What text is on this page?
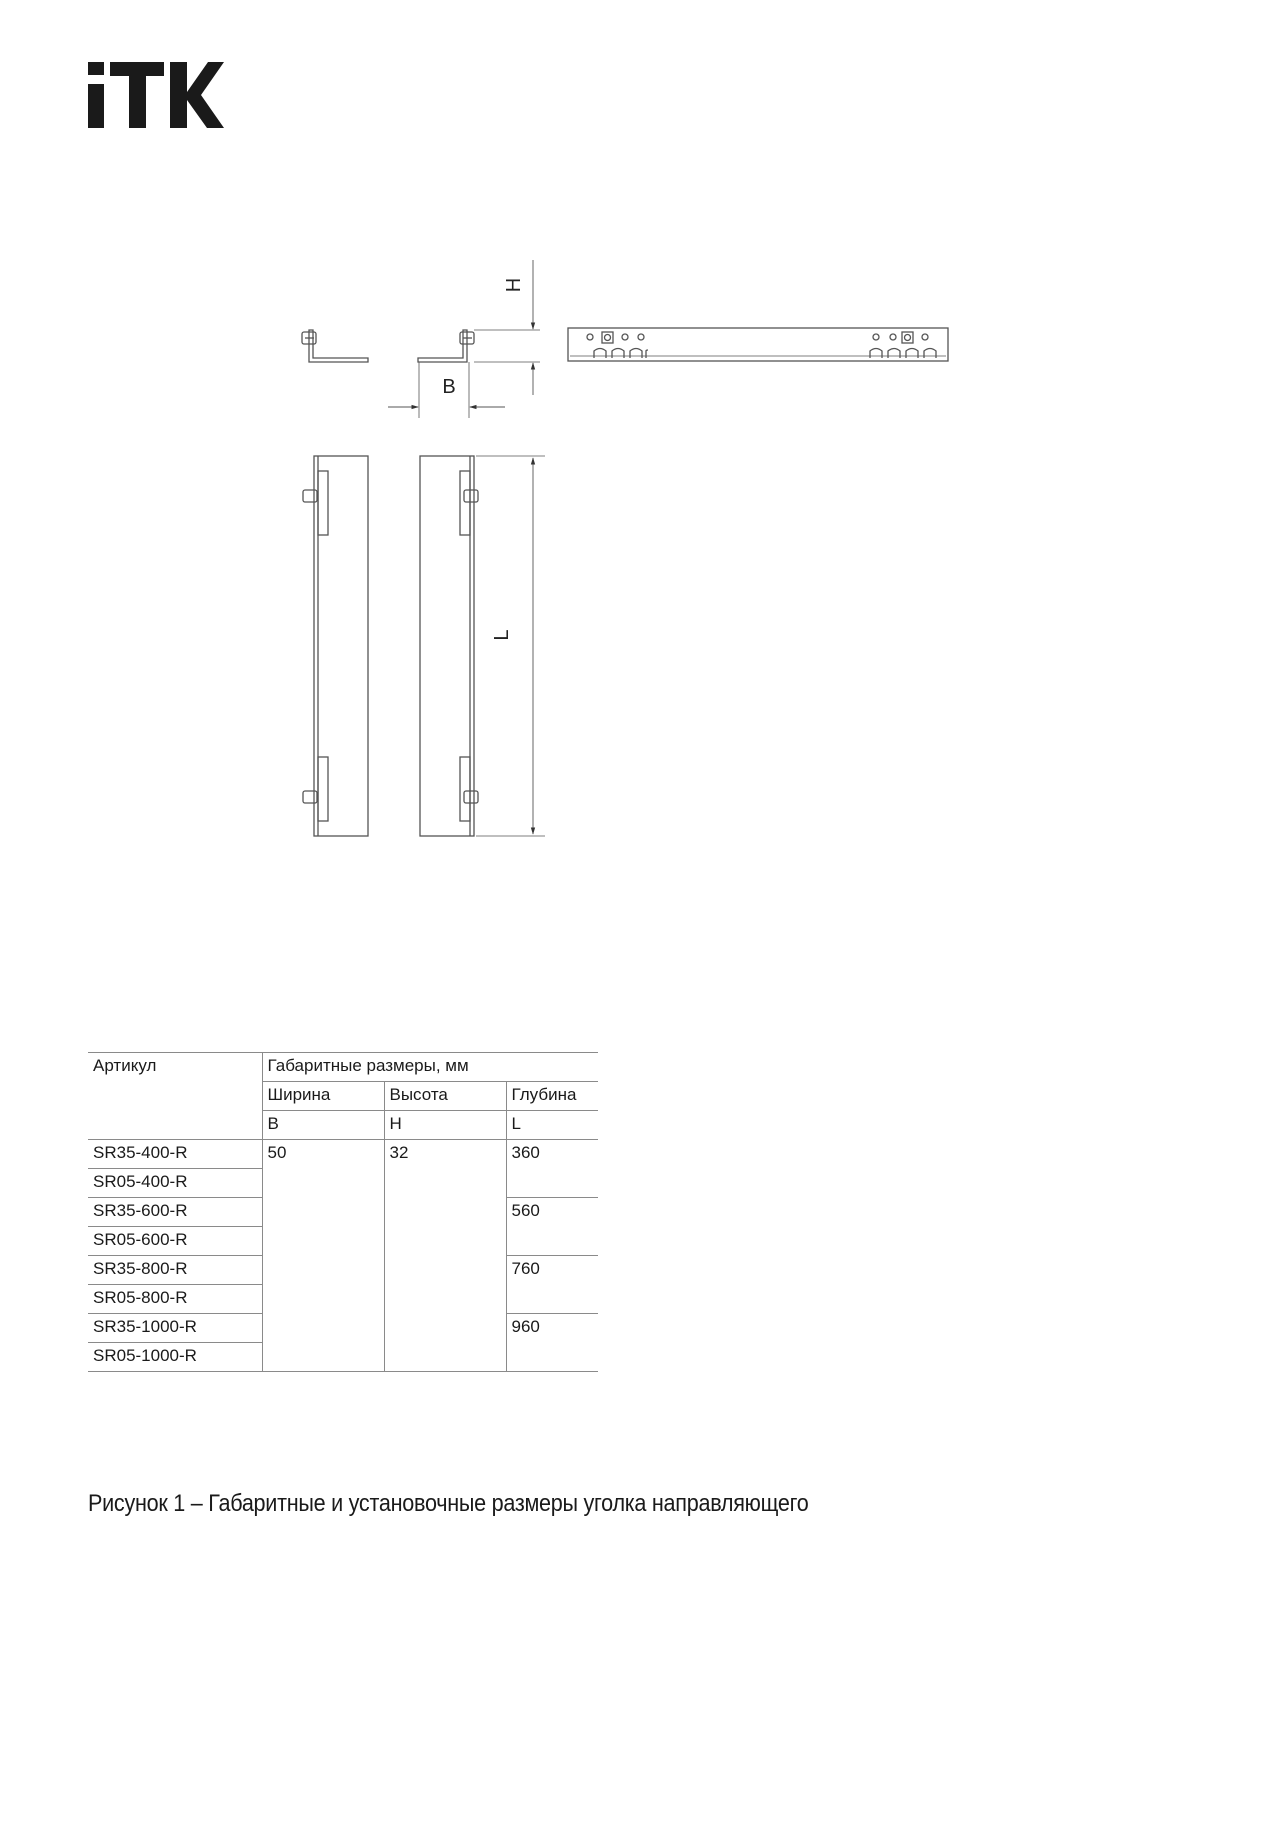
H
B
L
Артикул	Габаритные размеры, мм		
	Ширина	Высота	Глубина
	B	H	L
SR35-400-R	50	32	360
SR05-400-R			
SR35-600-R			560
SR05-600-R			
SR35-800-R			760
SR05-800-R			
SR35-1000-R			960
SR05-1000-R			
Рисунок 1 – Габаритные и установочные размеры уголка направляющего
